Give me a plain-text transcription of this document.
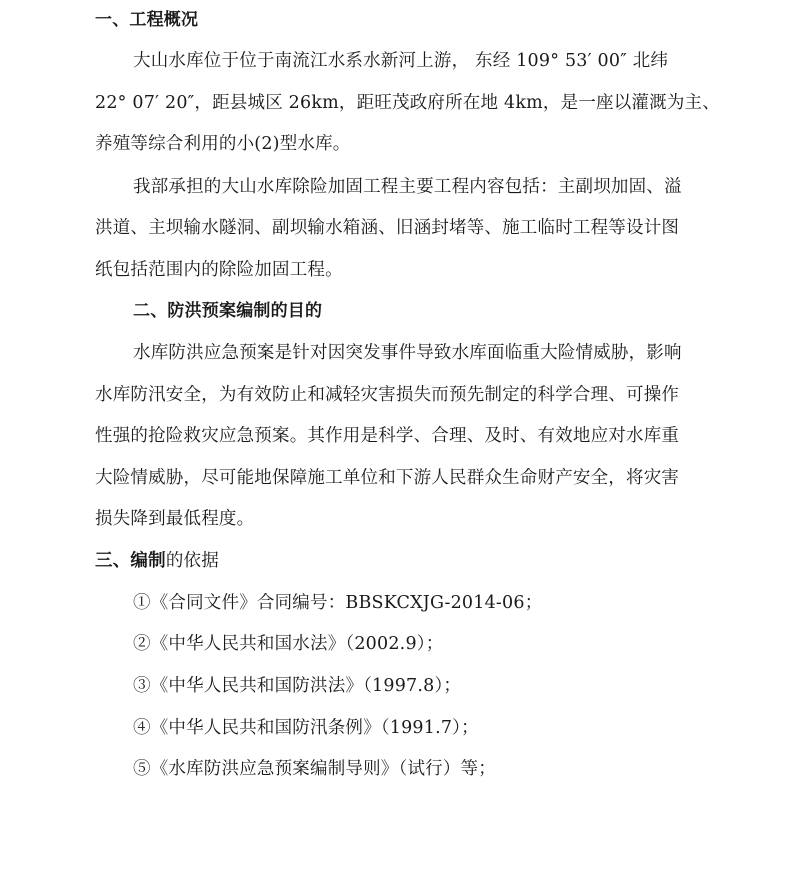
一、工程概况
大山水库位于位于南流江水系水新河上游， 东经 109° 53′ 00″ 北纬
22° 07′ 20″，距县城区 26km，距旺茂政府所在地 4km，是一座以灌溉为主、
养殖等综合利用的小(2)型水库。
我部承担的大山水库除险加固工程主要工程内容包括：主副坝加固、溢
洪道、主坝输水隧洞、副坝输水箱涵、旧涵封堵等、施工临时工程等设计图
纸包括范围内的除险加固工程。
二、防洪预案编制的目的
水库防洪应急预案是针对因突发事件导致水库面临重大险情威胁，影响
水库防汛安全，为有效防止和减轻灾害损失而预先制定的科学合理、可操作
性强的抢险救灾应急预案。其作用是科学、合理、及时、有效地应对水库重
大险情威胁，尽可能地保障施工单位和下游人民群众生命财产安全，将灾害
损失降到最低程度。
三、编制的依据
①《合同文件》合同编号：BBSKCXJG-2014-06；
②《中华人民共和国水法》（2002.9）；
③《中华人民共和国防洪法》（1997.8）；
④《中华人民共和国防汛条例》（1991.7）；
⑤《水库防洪应急预案编制导则》（试行）等；
